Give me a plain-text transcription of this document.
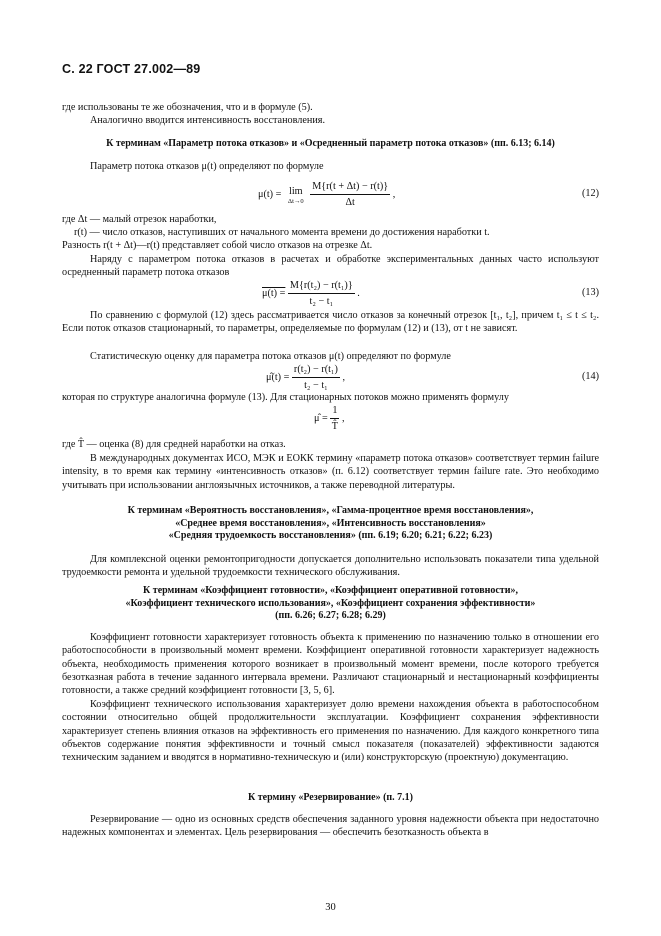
С. 22 ГОСТ 27.002—89
где использованы те же обозначения, что и в формуле (5).
Аналогично вводится интенсивность восстановления.
К терминам «Параметр потока отказов» и «Осредненный параметр потока отказов» (пп. 6.13; 6.14)
Параметр потока отказов μ(t) определяют по формуле
μ(t) = lim
Δt→0
$\frac{M\{r(t + \Delta t) - r(t)\}}{\Delta t}$ ,	(12)
где Δt — малый отрезок наработки,
r(t) — число отказов, наступивших от начального момента времени до достижения наработки t.
Разность r(t + Δt)—r(t) представляет собой число отказов на отрезке Δt.
Наряду с параметром потока отказов в расчетах и обработке экспериментальных данных часто используют осредненный параметр потока отказов
$\mu(t) = \frac{\text{M\{r(t₂) − r(t₁)\}}}{\text{t₂ − t₁}}$ .	(13)
По сравнению с формулой (12) здесь рассматривается число отказов за конечный отрезок [t₁, t₂], причем t₁ ≤ t ≤ t₂. Если поток отказов стационарный, то параметры, определяемые по формулам (12) и (13), от t не зависят.
Статистическую оценку для параметра потока отказов μ(t) определяют по формуле
μ̂(t) = $\frac{\text{r(t₂) − r(t₁)}}{\text{t₂ − t₁}}$ ,	(14)
которая по структуре аналогична формуле (13). Для стационарных потоков можно применять формулу
μ̂ = $\frac{1}{T̂}$ ,
где T̂ — оценка (8) для средней наработки на отказ.
В международных документах ИСО, МЭК и ЕОКК термину «параметр потока отказов» соответствует термин failure intensity, в то время как термину «интенсивность отказов» (п. 6.12) соответствует термин failure rate. Это необходимо учитывать при использовании англоязычных источников, а также переводной литературы.
К терминам «Вероятность восстановления», «Гамма-процентное время восстановления»,
«Среднее время восстановления», «Интенсивность восстановления»
«Средняя трудоемкость восстановления» (пп. 6.19; 6.20; 6.21; 6.22; 6.23)
Для комплексной оценки ремонтопригодности допускается дополнительно использовать показатели типа удельной трудоемкости ремонта и удельной трудоемкости технического обслуживания.
К терминам «Коэффициент готовности», «Коэффициент оперативной готовности»,
«Коэффициент технического использования», «Коэффициент сохранения эффективности»
(пп. 6.26; 6.27; 6.28; 6.29)
Коэффициент готовности характеризует готовность объекта к применению по назначению только в отношении его работоспособности в произвольный момент времени. Коэффициент оперативной готовности характеризует надежность объекта, необходимость применения которого возникает в произвольный момент времени, после которого требуется безотказная работа в течение заданного интервала времени. Различают стационарный и нестационарный коэффициенты готовности, а также средний коэффициент готовности [3, 5, 6].
Коэффициент технического использования характеризует долю времени нахождения объекта в работоспособном состоянии относительно общей продолжительности эксплуатации. Коэффициент сохранения эффективности характеризует степень влияния отказов на эффективность его применения по назначению. Для каждого конкретного типа объектов содержание понятия эффективности и точный смысл показателя (показателей) эффективности задаются техническим заданием и вводятся в нормативно-техническую и (или) конструкторскую (проектную) документацию.
К термину «Резервирование» (п. 7.1)
Резервирование — одно из основных средств обеспечения заданного уровня надежности объекта при недостаточно надежных компонентах и элементах. Цель резервирования — обеспечить безотказность объекта в
30
